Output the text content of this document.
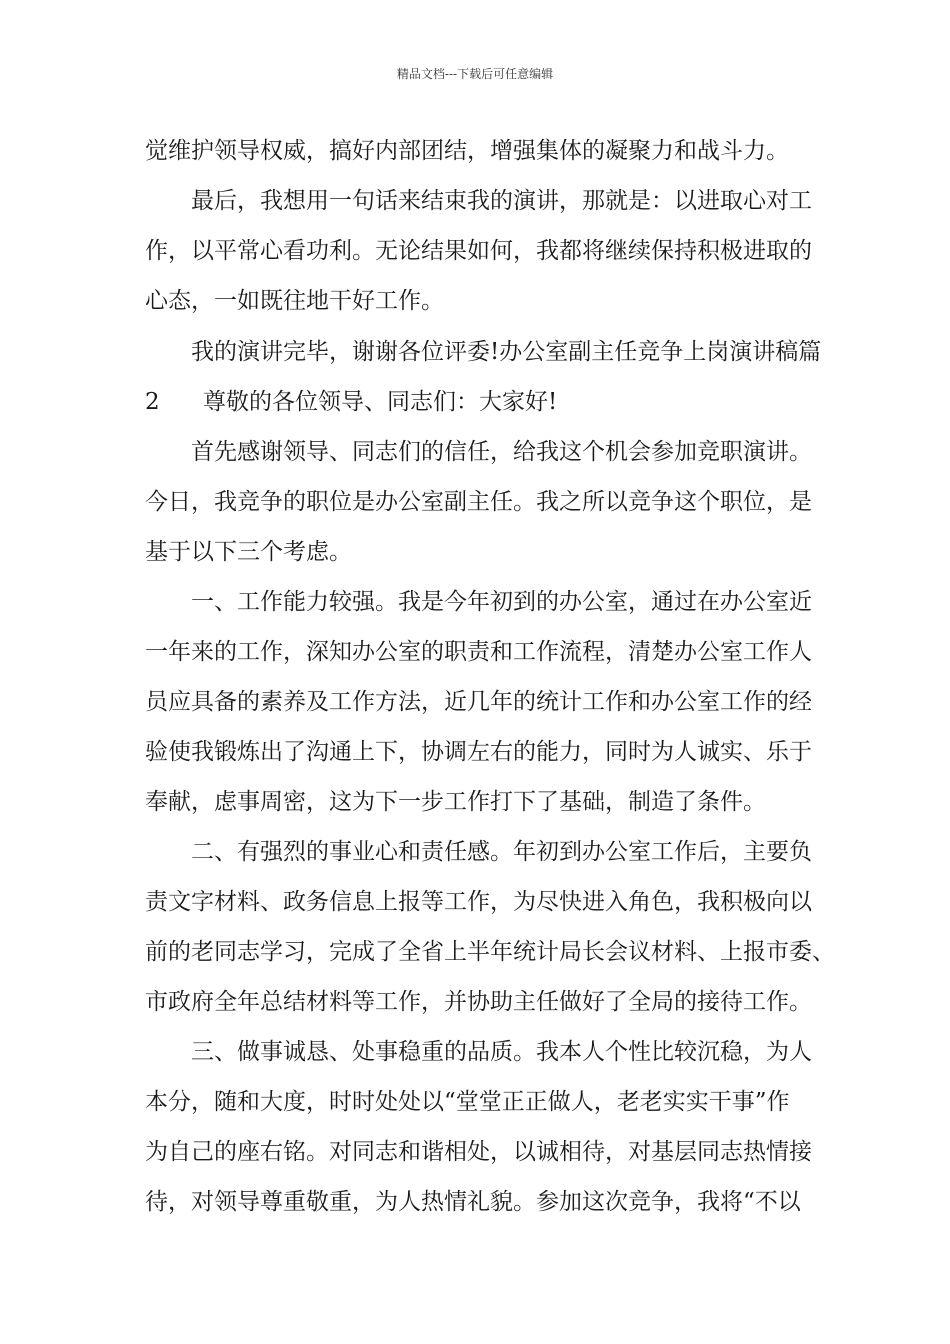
精品文档---下载后可任意编辑
觉维护领导权威，搞好内部团结，增强集体的凝聚力和战斗力。
最后，我想用一句话来结束我的演讲，那就是：以进取心对工
作，以平常心看功利。无论结果如何，我都将继续保持积极进取的
心态，一如既往地干好工作。
我的演讲完毕，谢谢各位评委!办公室副主任竞争上岗演讲稿篇
2 尊敬的各位领导、同志们：大家好!
首先感谢领导、同志们的信任，给我这个机会参加竞职演讲。
今日，我竞争的职位是办公室副主任。我之所以竞争这个职位，是
基于以下三个考虑。
一、工作能力较强。我是今年初到的办公室，通过在办公室近
一年来的工作，深知办公室的职责和工作流程，清楚办公室工作人
员应具备的素养及工作方法，近几年的统计工作和办公室工作的经
验使我锻炼出了沟通上下，协调左右的能力，同时为人诚实、乐于
奉献，虑事周密，这为下一步工作打下了基础，制造了条件。
二、有强烈的事业心和责任感。年初到办公室工作后，主要负
责文字材料、政务信息上报等工作，为尽快进入角色，我积极向以
前的老同志学习，完成了全省上半年统计局长会议材料、上报市委、
市政府全年总结材料等工作，并协助主任做好了全局的接待工作。
三、做事诚恳、处事稳重的品质。我本人个性比较沉稳，为人
本分，随和大度，时时处处以“堂堂正正做人，老老实实干事”作
为自己的座右铭。对同志和谐相处，以诚相待，对基层同志热情接
待，对领导尊重敬重，为人热情礼貌。参加这次竞争，我将“不以
